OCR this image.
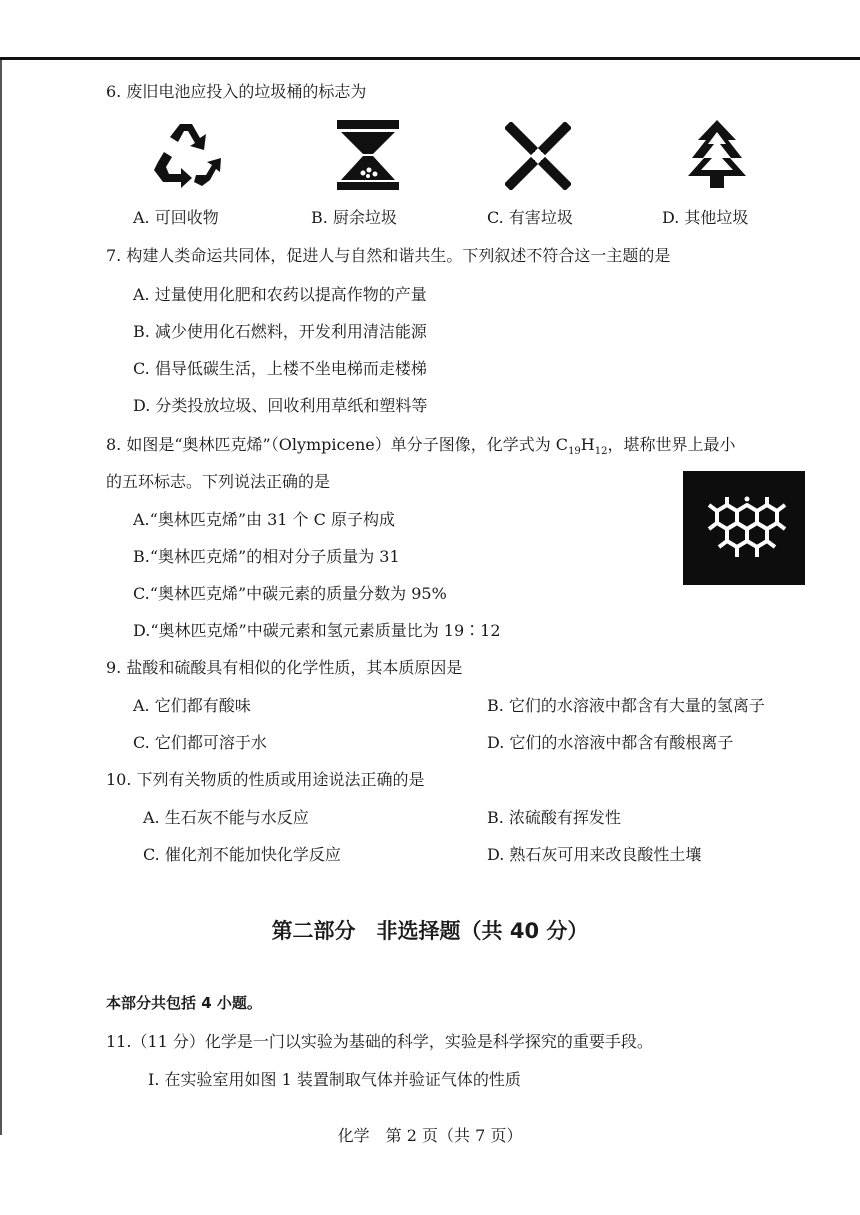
6. 废旧电池应投入的垃圾桶的标志为
A. 可回收物	B. 厨余垃圾	C. 有害垃圾	D. 其他垃圾
7. 构建人类命运共同体，促进人与自然和谐共生。下列叙述不符合这一主题的是
A. 过量使用化肥和农药以提高作物的产量
B. 减少使用化石燃料，开发利用清洁能源
C. 倡导低碳生活，上楼不坐电梯而走楼梯
D. 分类投放垃圾、回收利用草纸和塑料等
8. 如图是“奥林匹克烯”（Olympicene）单分子图像，化学式为 $C_{19}H_{12}$，堪称世界上最小
的五环标志。下列说法正确的是
A.“奥林匹克烯”由 31 个 C 原子构成
B.“奥林匹克烯”的相对分子质量为 31
C.“奥林匹克烯”中碳元素的质量分数为 95%
D.“奥林匹克烯”中碳元素和氢元素质量比为 19∶12
9. 盐酸和硫酸具有相似的化学性质，其本质原因是
A. 它们都有酸味	B. 它们的水溶液中都含有大量的氢离子
C. 它们都可溶于水	D. 它们的水溶液中都含有酸根离子
10. 下列有关物质的性质或用途说法正确的是
A. 生石灰不能与水反应	B. 浓硫酸有挥发性
C. 催化剂不能加快化学反应	D. 熟石灰可用来改良酸性土壤
第二部分　非选择题（共 40 分）
本部分共包括 4 小题。
11.（11 分）化学是一门以实验为基础的科学，实验是科学探究的重要手段。
Ⅰ. 在实验室用如图 1 装置制取气体并验证气体的性质
化学　第 2 页（共 7 页）
